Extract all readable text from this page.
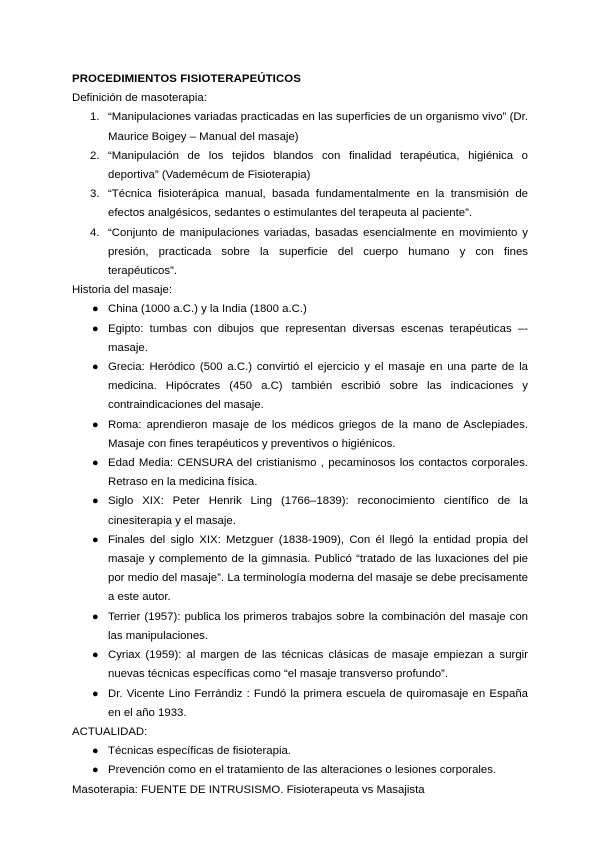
PROCEDIMIENTOS FISIOTERAPEÚTICOS
Definición de masoterapia:
1. “Manipulaciones variadas practicadas en las superficies de un organismo vivo” (Dr. Maurice Boigey – Manual del masaje)
2. “Manipulación de los tejidos blandos con finalidad terapéutica, higiénica o deportiva” (Vademécum de Fisioterapia)
3. “Técnica fisioterápica manual, basada fundamentalmente en la transmisión de efectos analgésicos, sedantes o estimulantes del terapeuta al paciente”.
4. “Conjunto de manipulaciones variadas, basadas esencialmente en movimiento y presión, practicada sobre la superficie del cuerpo humano y con fines terapéuticos”.
Historia del masaje:
● China (1000 a.C.) y la India (1800 a.C.)
● Egipto: tumbas con dibujos que representan diversas escenas terapéuticas –- masaje.
● Grecia: Heródico (500 a.C.) convirtió el ejercicio y el masaje en una parte de la medicina. Hipócrates (450 a.C) también escribió sobre las indicaciones y contraindicaciones del masaje.
● Roma: aprendieron masaje de los médicos griegos de la mano de Asclepiades. Masaje con fines terapéuticos y preventivos o higiénicos.
● Edad Media: CENSURA del cristianismo , pecaminosos los contactos corporales. Retraso en la medicina física.
● Siglo XIX: Peter Henrik Ling (1766–1839): reconocimiento científico de la cinesiterapia y el masaje.
● Finales del siglo XIX: Metzguer (1838-1909), Con él llegó la entidad propia del masaje y complemento de la gimnasia. Publicó “tratado de las luxaciones del pie por medio del masaje”. La terminología moderna del masaje se debe precisamente a este autor.
● Terrier (1957): publica los primeros trabajos sobre la combinación del masaje con las manipulaciones.
● Cyriax (1959): al margen de las técnicas clásicas de masaje empiezan a surgir nuevas técnicas específicas como “el masaje transverso profundo”.
● Dr. Vicente Lino Ferrándiz : Fundó la primera escuela de quiromasaje en España en el año 1933.
ACTUALIDAD:
● Técnicas específicas de fisioterapia.
● Prevención como en el tratamiento de las alteraciones o lesiones corporales.
Masoterapia: FUENTE DE INTRUSISMO. Fisioterapeuta vs Masajista
